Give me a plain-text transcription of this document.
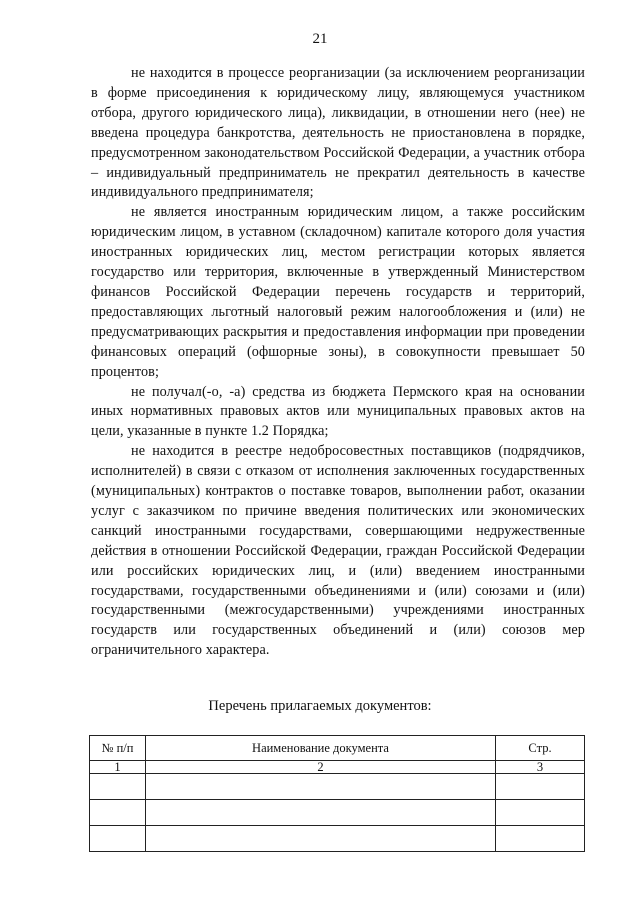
21

не находится в процессе реорганизации (за исключением реорганизации в форме присоединения к юридическому лицу, являющемуся участником отбора, другого юридического лица), ликвидации, в отношении него (нее) не введена процедура банкротства, деятельность не приостановлена в порядке, предусмотренном законодательством Российской Федерации, а участник отбора – индивидуальный предприниматель не прекратил деятельность в качестве индивидуального предпринимателя;

не является иностранным юридическим лицом, а также российским юридическим лицом, в уставном (складочном) капитале которого доля участия иностранных юридических лиц, местом регистрации которых является государство или территория, включенные в утвержденный Министерством финансов Российской Федерации перечень государств и территорий, предоставляющих льготный налоговый режим налогообложения и (или) не предусматривающих раскрытия и предоставления информации при проведении финансовых операций (офшорные зоны), в совокупности превышает 50 процентов;

не получал(-о, -а) средства из бюджета Пермского края на основании иных нормативных правовых актов или муниципальных правовых актов на цели, указанные в пункте 1.2 Порядка;

не находится в реестре недобросовестных поставщиков (подрядчиков, исполнителей) в связи с отказом от исполнения заключенных государственных (муниципальных) контрактов о поставке товаров, выполнении работ, оказании услуг с заказчиком по причине введения политических или экономических санкций иностранными государствами, совершающими недружественные действия в отношении Российской Федерации, граждан Российской Федерации или российских юридических лиц, и (или) введением иностранными государствами, государственными объединениями и (или) союзами и (или) государственными (межгосударственными) учреждениями иностранных государств или государственных объединений и (или) союзов мер ограничительного характера.

Перечень прилагаемых документов:
№ п/п	Наименование документа	Стр.
1	2	3
